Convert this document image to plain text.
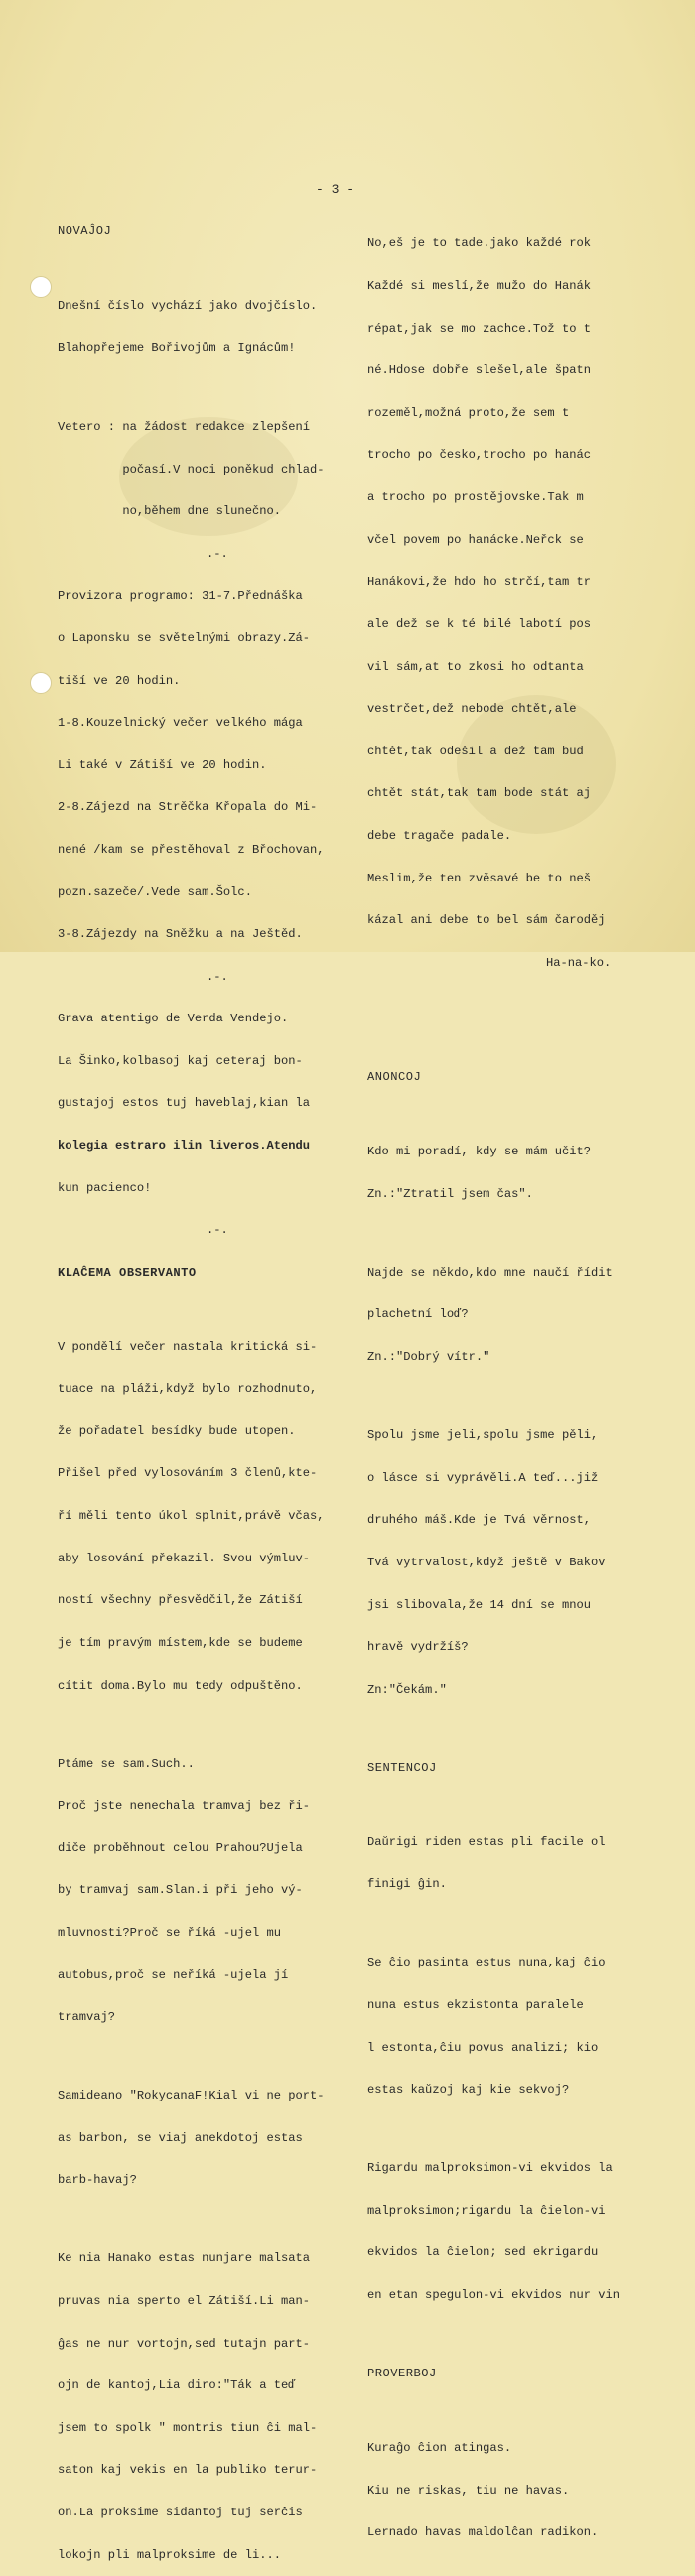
- 3 -

NOVAĴOJ

Dnešní číslo vychází jako dvojčíslo.

Blahopřejeme Bořivojům a Ignácům!

Vetero : na žádost redakce zlepšení

počasí.V noci poněkud chlad-

no,během dne slunečno.

.-.

Provizora programo: 31-7.Přednáška

o Laponsku se světelnými obrazy.Zá-

tiší ve 20 hodin.

1-8.Kouzelnický večer velkého mága

Li také v Zátiší ve 20 hodin.

2-8.Zájezd na Strěčka Křopala do Mi-

nené /kam se přestěhoval z Břochovan,

pozn.sazeče/.Vede sam.Šolc.

3-8.Zájezdy na Sněžku a na Ještěd.

.-.

Grava atentigo de Verda Vendejo.

La Šinko,kolbasoj kaj ceteraj bon-

gustajoj estos tuj haveblaj,kian la

kolegia estraro ilin liveros.Atendu

kun pacienco!

.-.

KLAĈEMA OBSERVANTO

V pondělí večer nastala kritická si-

tuace na pláži,když bylo rozhodnuto,

že pořadatel besídky bude utopen.

Přišel před vylosováním 3 členů,kte-

ří měli tento úkol splnit,právě včas,

aby losování překazil. Svou výmluv-

ností všechny přesvědčil,že Zátiší

je tím pravým místem,kde se budeme

cítit doma.Bylo mu tedy odpuštěno.

Ptáme se sam.Such..

Proč jste nenechala tramvaj bez ři-

diče proběhnout celou Prahou?Ujela

by tramvaj sam.Slan.i při jeho vý-

mluvnosti?Proč se říká -ujel mu

autobus,proč se neříká -ujela jí

tramvaj?

Samideano "RokycanaF!Kial vi ne port-

as barbon, se viaj anekdotoj estas

barb-havaj?

Ke nia Hanako estas nunjare malsata

pruvas nia sperto el Zátiší.Li man-

ĝas ne nur vortojn,sed tutajn part-

ojn de kantoj,Lia diro:"Ták a teď

jsem to spolk " montris tiun ĉi mal-

saton kaj vekis en la publiko terur-

on.La proksime sidantoj tuj serĉis

lokojn pli malproksime de li...

No,eš je to tade.jako každé rok

Každé si meslí,že mužo do Hanák

répat,jak se mo zachce.Tož to t

né.Hdose dobře slešel,ale špatn

rozeměl,možná proto,že sem t

trocho po česko,trocho po hanác

a trocho po prostějovske.Tak m

včel povem po hanácke.Neřck se

Hanákovi,že hdo ho strčí,tam tr

ale dež se k té bilé labotí pos

vil sám,at to zkosi ho odtanta

vestrčet,dež nebode chtět,ale

chtět,tak odešil a dež tam bud

chtět stát,tak tam bode stát aj

debe tragače padale.

Meslim,že ten zvěsavé be to neš

kázal ani debe to bel sám čaroděj

Ha-na-ko.

ANONCOJ

Kdo mi poradí, kdy se mám učit?

Zn.:"Ztratil jsem čas".

Najde se někdo,kdo mne naučí řídit

plachetní loď?

Zn.:"Dobrý vítr."

Spolu jsme jeli,spolu jsme pěli,

o lásce si vyprávěli.A teď...již

druhého máš.Kde je Tvá věrnost,

Tvá vytrvalost,když ještě v Bakov

jsi slibovala,že 14 dní se mnou

hravě vydržíš?

Zn:"Čekám."

SENTENCOJ

Daŭrigi riden estas pli facile ol

finigi ĝin.

Se ĉio pasinta estus nuna,kaj ĉio

nuna estus ekzistonta paralele

l estonta,ĉiu povus analizi; kio

estas kaŭzoj kaj kie sekvoj?

Rigardu malproksimon-vi ekvidos la

malproksimon;rigardu la ĉielon-vi

ekvidos la ĉielon; sed ekrigardu

en etan spegulon-vi ekvidos nur vin

PROVERBOJ

Kuraĝo ĉion atingas.

Kiu ne riskas, tiu ne havas.

Lernado havas maldolĉan radikon.
